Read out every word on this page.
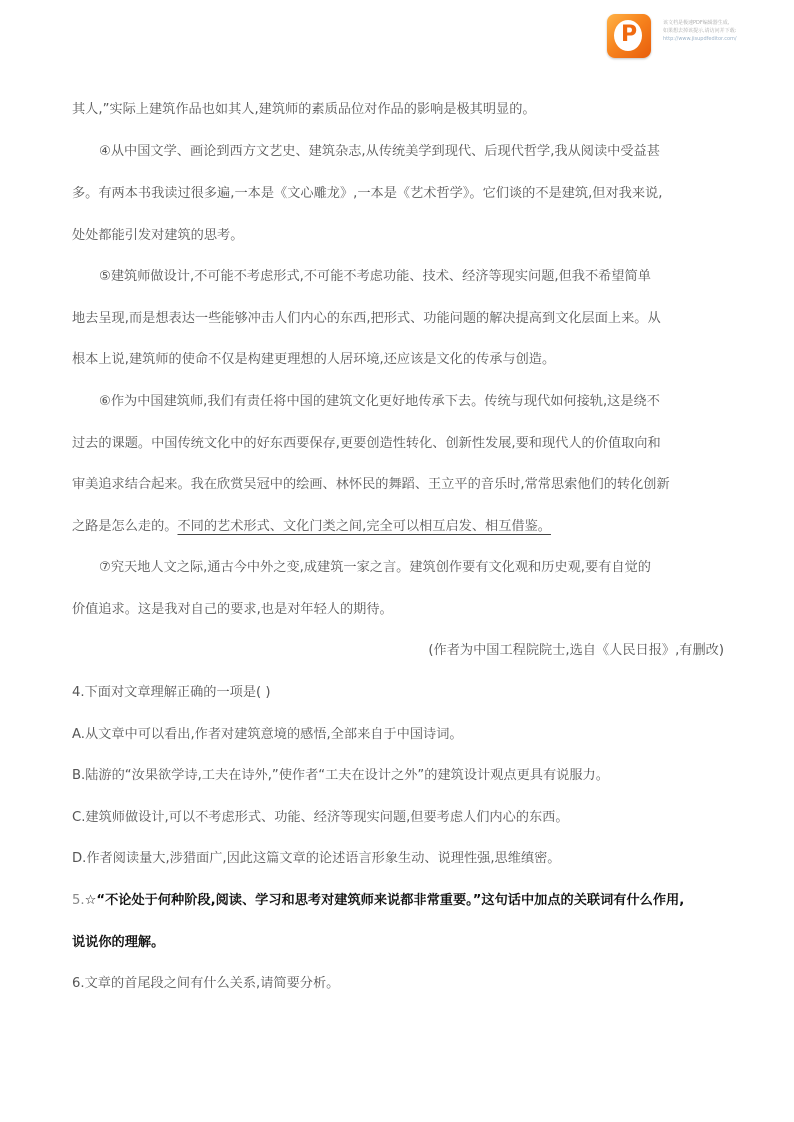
P	该文档是极速PDF编辑器生成,
如果想去掉该提示,请访问并下载:
http://www.jisupdfeditor.com/
其人,”实际上建筑作品也如其人,建筑师的素质品位对作品的影响是极其明显的。
④从中国文学、画论到西方文艺史、建筑杂志,从传统美学到现代、后现代哲学,我从阅读中受益甚
多。有两本书我读过很多遍,一本是《文心雕龙》,一本是《艺术哲学》。它们谈的不是建筑,但对我来说,
处处都能引发对建筑的思考。
⑤建筑师做设计,不可能不考虑形式,不可能不考虑功能、技术、经济等现实问题,但我不希望简单
地去呈现,而是想表达一些能够冲击人们内心的东西,把形式、功能问题的解决提高到文化层面上来。从
根本上说,建筑师的使命不仅是构建更理想的人居环境,还应该是文化的传承与创造。
⑥作为中国建筑师,我们有责任将中国的建筑文化更好地传承下去。传统与现代如何接轨,这是绕不
过去的课题。中国传统文化中的好东西要保存,更要创造性转化、创新性发展,要和现代人的价值取向和
审美追求结合起来。我在欣赏吴冠中的绘画、林怀民的舞蹈、王立平的音乐时,常常思索他们的转化创新
之路是怎么走的。不同的艺术形式、文化门类之间,完全可以相互启发、相互借鉴。
⑦究天地人文之际,通古今中外之变,成建筑一家之言。建筑创作要有文化观和历史观,要有自觉的
价值追求。这是我对自己的要求,也是对年轻人的期待。
(作者为中国工程院院士,选自《人民日报》,有删改)
4.下面对文章理解正确的一项是( )
A.从文章中可以看出,作者对建筑意境的感悟,全部来自于中国诗词。
B.陆游的“汝果欲学诗,工夫在诗外,”使作者“工夫在设计之外”的建筑设计观点更具有说服力。
C.建筑师做设计,可以不考虑形式、功能、经济等现实问题,但要考虑人们内心的东西。
D.作者阅读量大,涉猎面广,因此这篇文章的论述语言形象生动、说理性强,思维缜密。
5.☆“不论处于何种阶段,阅读、学习和思考对建筑师来说都非常重要。”这句话中加点的关联词有什么作用,
说说你的理解。
6.文章的首尾段之间有什么关系,请简要分析。
